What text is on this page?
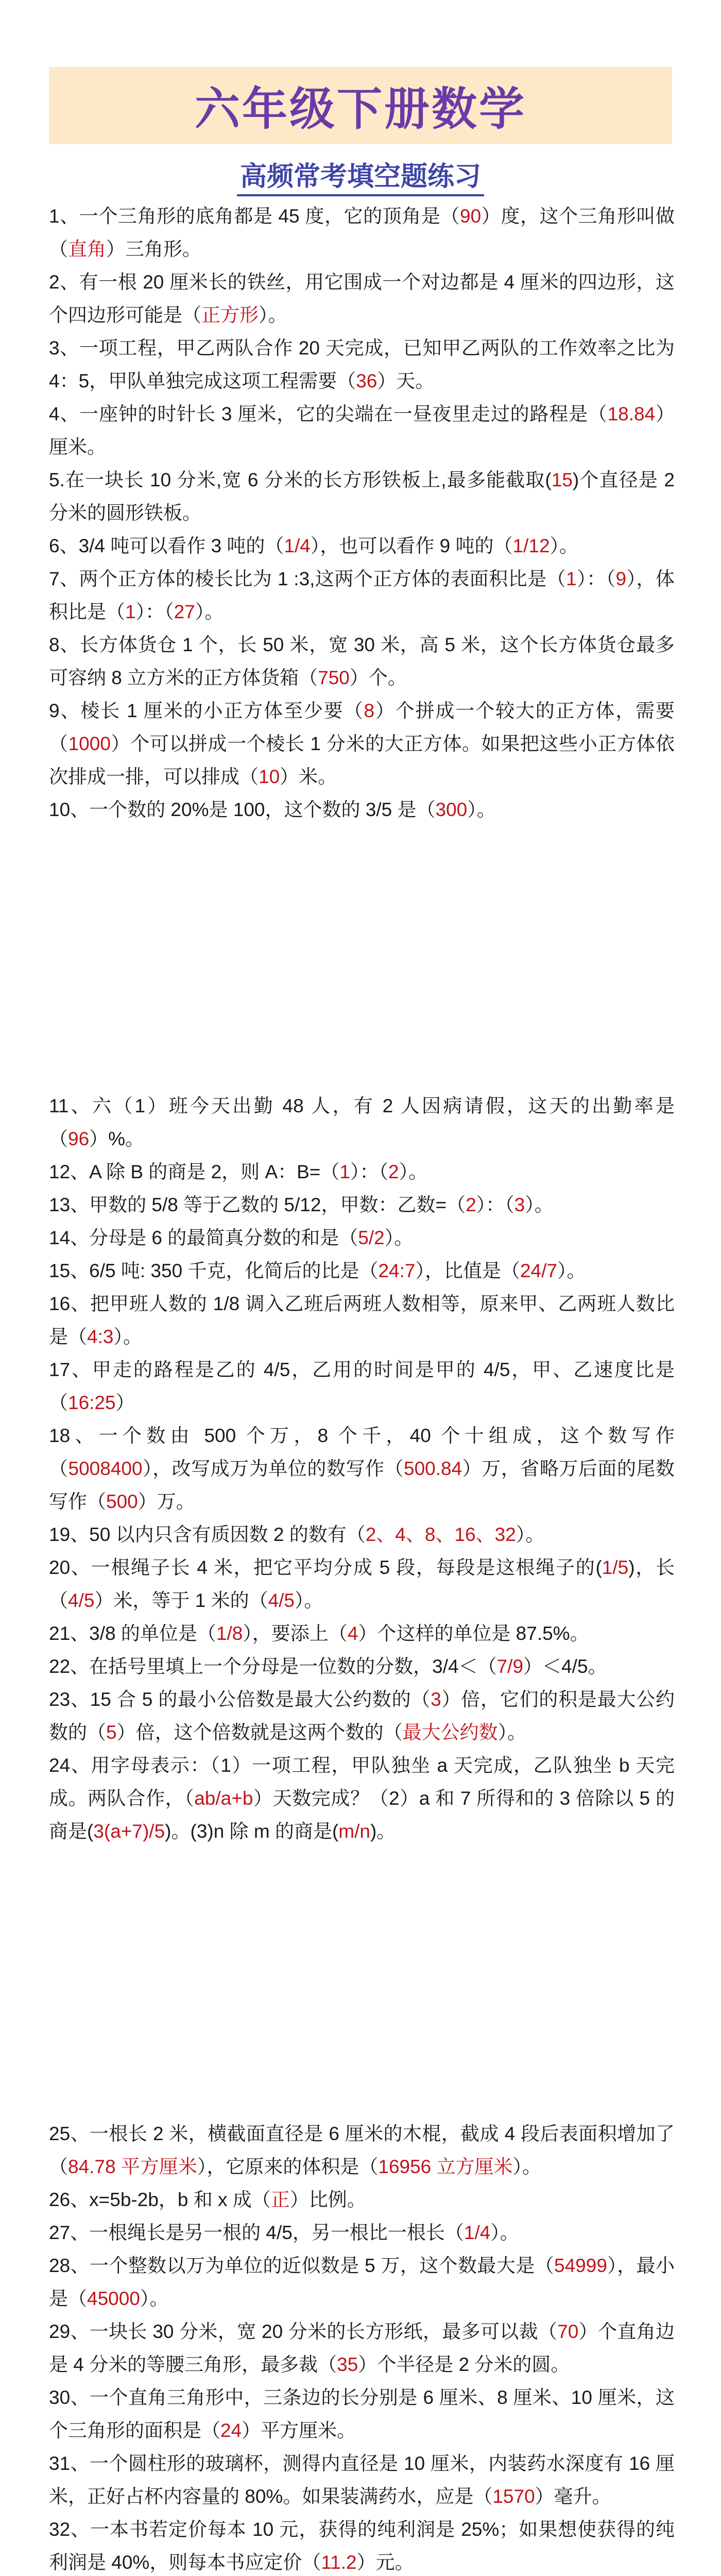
六年级下册数学
高频常考填空题练习

1、一个三角形的底角都是 45 度，它的顶角是（90）度，这个三角形叫做（直角）三角形。

2、有一根 20 厘米长的铁丝，用它围成一个对边都是 4 厘米的四边形，这个四边形可能是（正方形）。

3、一项工程，甲乙两队合作 20 天完成，已知甲乙两队的工作效率之比为 4：5，甲队单独完成这项工程需要（36）天。

4、一座钟的时针长 3 厘米，它的尖端在一昼夜里走过的路程是（18.84）厘米。

5.在一块长 10 分米,宽 6 分米的长方形铁板上,最多能截取(15)个直径是 2 分米的圆形铁板。

6、3/4 吨可以看作 3 吨的（1/4），也可以看作 9 吨的（1/12）。

7、两个正方体的棱长比为 1 :3,这两个正方体的表面积比是（1）：（9），体积比是（1）：（27）。

8、长方体货仓 1 个，长 50 米，宽 30 米，高 5 米，这个长方体货仓最多可容纳 8 立方米的正方体货箱（750）个。

9、棱长 1 厘米的小正方体至少要（8）个拼成一个较大的正方体，需要（1000）个可以拼成一个棱长 1 分米的大正方体。如果把这些小正方体依次排成一排，可以排成（10）米。

10、一个数的 20%是 100，这个数的 3/5 是（300）。

11、六（1）班今天出勤 48 人，有 2 人因病请假，这天的出勤率是（96）%。

12、A 除 B 的商是 2，则 A：B=（1）：（2）。

13、甲数的 5/8 等于乙数的 5/12，甲数：乙数=（2）：（3）。

14、分母是 6 的最简真分数的和是（5/2）。

15、6/5 吨: 350 千克，化简后的比是（24:7），比值是（24/7）。

16、把甲班人数的 1/8 调入乙班后两班人数相等，原来甲、乙两班人数比是（4:3）。

17、甲走的路程是乙的 4/5，乙用的时间是甲的 4/5，甲、乙速度比是（16:25）

18、一个数由 500 个万，8 个千，40 个十组成，这个数写作（5008400），改写成万为单位的数写作（500.84）万，省略万后面的尾数写作（500）万。

19、50 以内只含有质因数 2 的数有（2、4、8、16、32）。

20、一根绳子长 4 米，把它平均分成 5 段，每段是这根绳子的(1/5)，长（4/5）米，等于 1 米的（4/5）。

21、3/8 的单位是（1/8），要添上（4）个这样的单位是 87.5%。

22、在括号里填上一个分母是一位数的分数，3/4＜（7/9）＜4/5。

23、15 合 5 的最小公倍数是最大公约数的（3）倍，它们的积是最大公约数的（5）倍，这个倍数就是这两个数的（最大公约数）。

24、用字母表示：（1）一项工程，甲队独坐 a 天完成，乙队独坐 b 天完成。两队合作，（ab/a+b）天数完成？（2）a 和 7 所得和的 3 倍除以 5 的商是(3(a+7)/5)。(3)n 除 m 的商是(m/n)。

25、一根长 2 米，横截面直径是 6 厘米的木棍，截成 4 段后表面积增加了（84.78 平方厘米），它原来的体积是（16956 立方厘米）。

26、x=5b-2b，b 和 x 成（正）比例。

27、一根绳长是另一根的 4/5，另一根比一根长（1/4）。

28、一个整数以万为单位的近似数是 5 万，这个数最大是（54999），最小是（45000）。

29、一块长 30 分米，宽 20 分米的长方形纸，最多可以裁（70）个直角边是 4 分米的等腰三角形，最多裁（35）个半径是 2 分米的圆。

30、一个直角三角形中，三条边的长分别是 6 厘米、8 厘米、10 厘米，这个三角形的面积是（24）平方厘米。

31、一个圆柱形的玻璃杯，测得内直径是 10 厘米，内装药水深度有 16 厘米，正好占杯内容量的 80%。如果装满药水，应是（1570）毫升。

32、一本书若定价每本 10 元，获得的纯利润是 25%；如果想使获得的纯利润是 40%，则每本书应定价（11.2）元。
